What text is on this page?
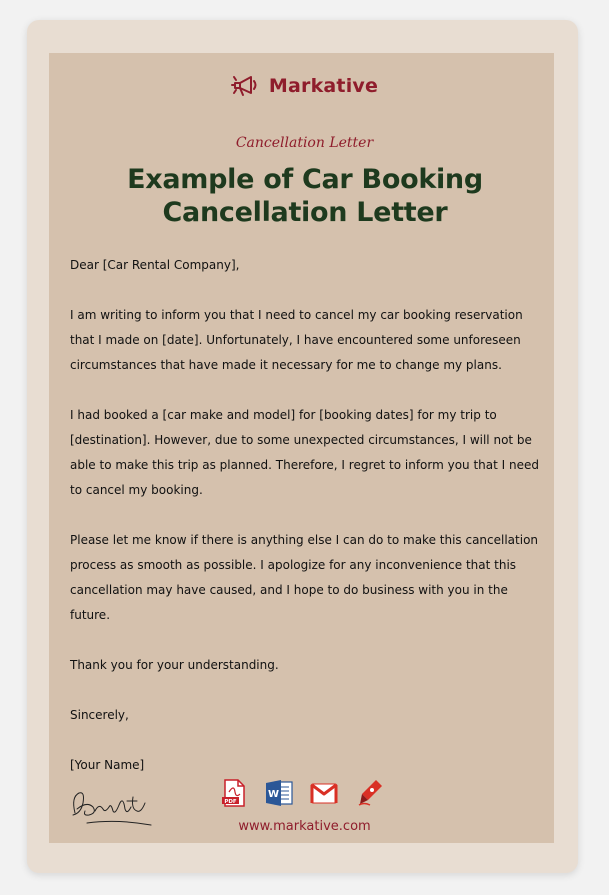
Markative
Cancellation Letter
Example of Car Booking Cancellation Letter

Dear [Car Rental Company],

I am writing to inform you that I need to cancel my car booking reservation that I made on [date]. Unfortunately, I have encountered some unforeseen circumstances that have made it necessary for me to change my plans.

I had booked a [car make and model] for [booking dates] for my trip to [destination]. However, due to some unexpected circumstances, I will not be able to make this trip as planned. Therefore, I regret to inform you that I need to cancel my booking.

Please let me know if there is anything else I can do to make this cancellation process as smooth as possible. I apologize for any inconvenience that this cancellation may have caused, and I hope to do business with you in the future.

Thank you for your understanding.

Sincerely,

[Your Name]

PDF
W
www.markative.com
